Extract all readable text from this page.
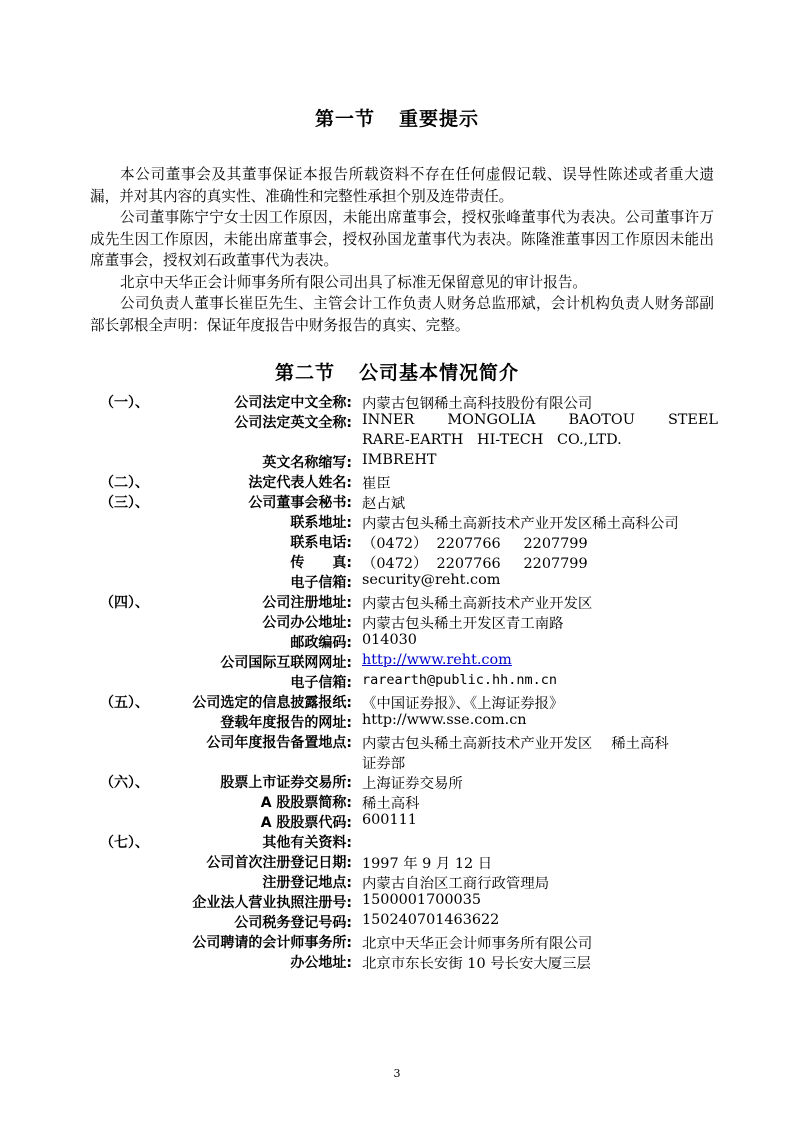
第一节 重要提示

本公司董事会及其董事保证本报告所载资料不存在任何虚假记载、误导性陈述或者重大遗漏，并对其内容的真实性、准确性和完整性承担个别及连带责任。

公司董事陈宁宁女士因工作原因，未能出席董事会，授权张峰董事代为表决。公司董事许万成先生因工作原因，未能出席董事会，授权孙国龙董事代为表决。陈隆淮董事因工作原因未能出席董事会，授权刘石政董事代为表决。

北京中天华正会计师事务所有限公司出具了标准无保留意见的审计报告。

公司负责人董事长崔臣先生、主管会计工作负责人财务总监邢斌，会计机构负责人财务部副部长郭根全声明：保证年度报告中财务报告的真实、完整。

第二节 公司基本情况简介
（一）、	公司法定中文全称: 内蒙古包钢稀土高科技股份有限公司
公司法定英文全称: INNER MONGOLIA BAOTOU STEEL
RARE-EARTH   HI-TECH   CO.,LTD.
英文名称缩写: IMBREHT
（二）、	法定代表人姓名: 崔臣
（三）、	公司董事会秘书: 赵占斌
联系地址: 内蒙古包头稀土高新技术产业开发区稀土高科公司
联系电话: （0472）  2207766     2207799
传　　真: （0472）  2207766     2207799
电子信箱: security@reht.com
（四）、	公司注册地址: 内蒙古包头稀土高新技术产业开发区
公司办公地址: 内蒙古包头稀土开发区青工南路
邮政编码: 014030
公司国际互联网网址: http://www.reht.com
电子信箱: rarearth@public.hh.nm.cn
（五）、	公司选定的信息披露报纸: 《中国证券报》、《上海证券报》
登载年度报告的网址: http://www.sse.com.cn
公司年度报告备置地点: 内蒙古包头稀土高新技术产业开发区　 稀土高科
证券部
（六）、	股票上市证券交易所: 上海证券交易所
A 股股票简称: 稀土高科
A 股股票代码: 600111
（七）、	其他有关资料:
公司首次注册登记日期: 1997 年 9 月 12 日
注册登记地点: 内蒙古自治区工商行政管理局
企业法人营业执照注册号: 1500001700035
公司税务登记号码: 150240701463622
公司聘请的会计师事务所: 北京中天华正会计师事务所有限公司
办公地址: 北京市东长安街 10 号长安大厦三层
3
